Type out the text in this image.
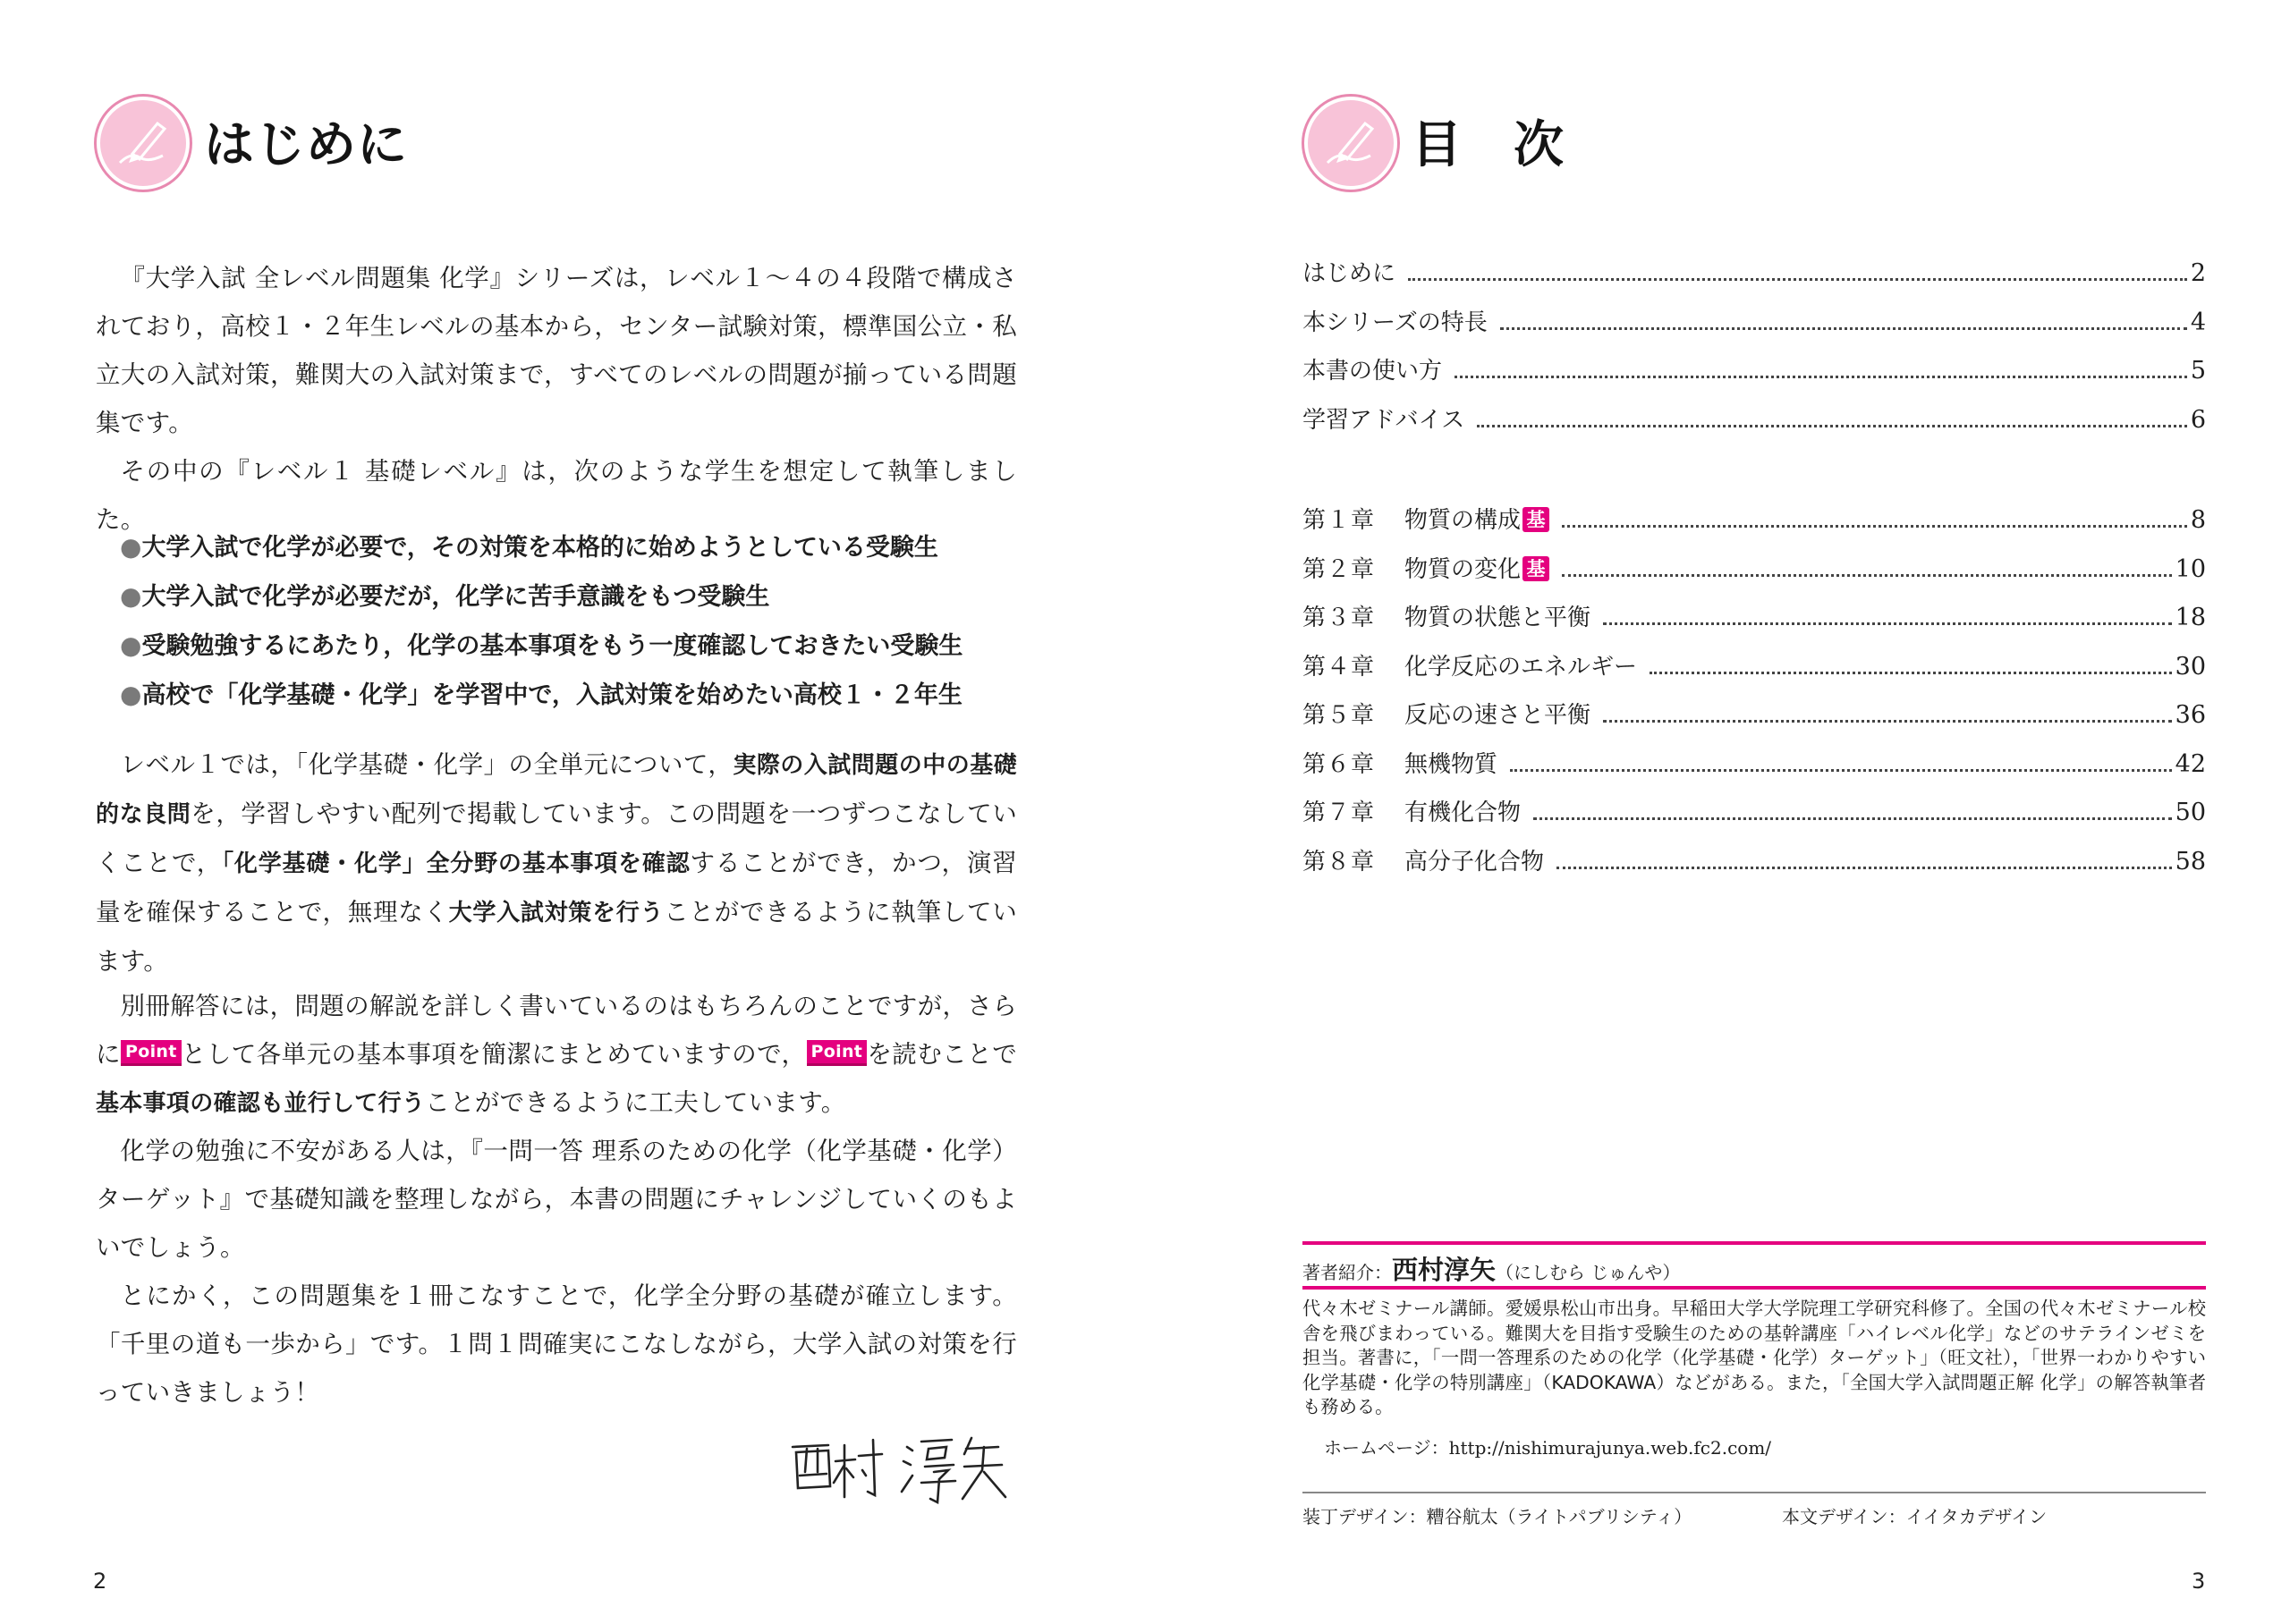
はじめに

『大学入試 全レベル問題集 化学』シリーズは，レベル１～４の４段階で構成されており，高校１・２年生レベルの基本から，センター試験対策，標準国公立・私立大の入試対策，難関大の入試対策まで，すべてのレベルの問題が揃っている問題集です。

その中の『レベル１ 基礎レベル』は，次のような学生を想定して執筆しました。

●大学入試で化学が必要で，その対策を本格的に始めようとしている受験生
●大学入試で化学が必要だが，化学に苦手意識をもつ受験生
●受験勉強するにあたり，化学の基本事項をもう一度確認しておきたい受験生
●高校で「化学基礎・化学」を学習中で，入試対策を始めたい高校１・２年生

レベル１では，「化学基礎・化学」の全単元について，実際の入試問題の中の基礎的な良問を，学習しやすい配列で掲載しています。この問題を一つずつこなしていくことで，「化学基礎・化学」全分野の基本事項を確認することができ，かつ，演習量を確保することで，無理なく大学入試対策を行うことができるように執筆しています。

別冊解答には，問題の解説を詳しく書いているのはもちろんのことですが，さらに Point として各単元の基本事項を簡潔にまとめていますので， Point を読むことで基本事項の確認も並行して行うことができるように工夫しています。

化学の勉強に不安がある人は，『一問一答 理系のための化学（化学基礎・化学）ターゲット』で基礎知識を整理しながら，本書の問題にチャレンジしていくのもよいでしょう。

とにかく，この問題集を１冊こなすことで，化学全分野の基礎が確立します。「千里の道も一歩から」です。１問１問確実にこなしながら，大学入試の対策を行っていきましょう！

2
目　次
はじめに	2
本シリーズの特長	4
本書の使い方	5
学習アドバイス	6
第１章	物質の構成 基	8
第２章	物質の変化 基	10
第３章	物質の状態と平衡	18
第４章	化学反応のエネルギー	30
第５章	反応の速さと平衡	36
第６章	無機物質	42
第７章	有機化合物	50
第８章	高分子化合物	58
著者紹介：西村淳矢（にしむら じゅんや）

代々木ゼミナール講師。愛媛県松山市出身。早稲田大学大学院理工学研究科修了。全国の代々木ゼミナール校舎を飛びまわっている。難関大を目指す受験生のための基幹講座「ハイレベル化学」などのサテラインゼミを担当。著書に，「一問一答理系のための化学（化学基礎・化学）ターゲット」（旺文社），「世界一わかりやすい化学基礎・化学の特別講座」（KADOKAWA）などがある。また，「全国大学入試問題正解 化学」の解答執筆者も務める。

ホームページ：http://nishimurajunya.web.fc2.com/
装丁デザイン：糟谷航太（ライトパブリシティ）	本文デザイン：イイタカデザイン
3
